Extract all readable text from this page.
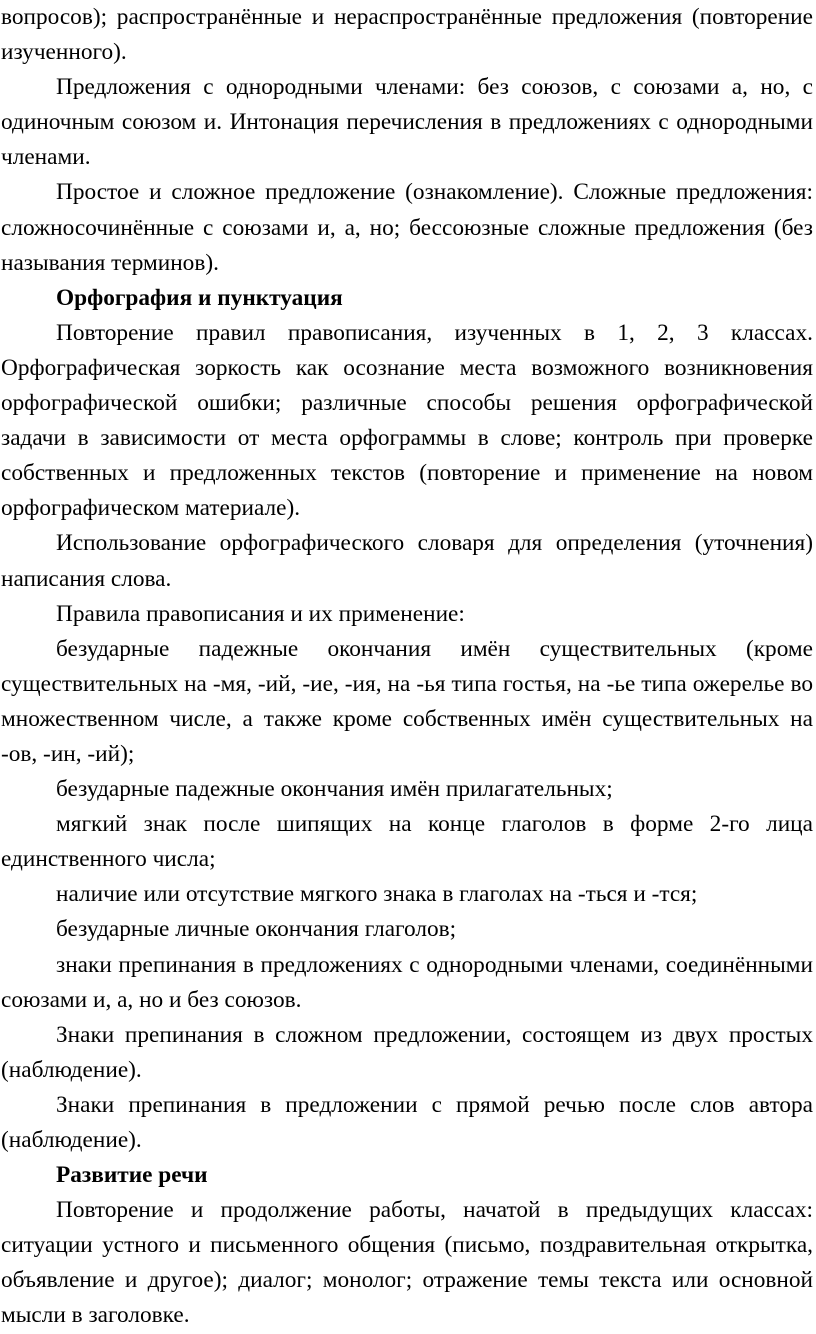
вопросов); распространённые и нераспространённые предложения (повторение изученного).

Предложения с однородными членами: без союзов, с союзами а, но, с одиночным союзом и. Интонация перечисления в предложениях с однородными членами.

Простое и сложное предложение (ознакомление). Сложные предложения: сложносочинённые с союзами и, а, но; бессоюзные сложные предложения (без называния терминов).

Орфография и пунктуация

Повторение правил правописания, изученных в 1, 2, 3 классах. Орфографическая зоркость как осознание места возможного возникновения орфографической ошибки; различные способы решения орфографической задачи в зависимости от места орфограммы в слове; контроль при проверке собственных и предложенных текстов (повторение и применение на новом орфографическом материале).

Использование орфографического словаря для определения (уточнения) написания слова.

Правила правописания и их применение:

безударные падежные окончания имён существительных (кроме существительных на -мя, -ий, -ие, -ия, на -ья типа гостья, на -ье типа ожерелье во множественном числе, а также кроме собственных имён существительных на -ов, -ин, -ий);

безударные падежные окончания имён прилагательных;

мягкий знак после шипящих на конце глаголов в форме 2-го лица единственного числа;

наличие или отсутствие мягкого знака в глаголах на -ться и -тся;

безударные личные окончания глаголов;

знаки препинания в предложениях с однородными членами, соединёнными союзами и, а, но и без союзов.

Знаки препинания в сложном предложении, состоящем из двух простых (наблюдение).

Знаки препинания в предложении с прямой речью после слов автора (наблюдение).

Развитие речи

Повторение и продолжение работы, начатой в предыдущих классах: ситуации устного и письменного общения (письмо, поздравительная открытка, объявление и другое); диалог; монолог; отражение темы текста или основной мысли в заголовке.
